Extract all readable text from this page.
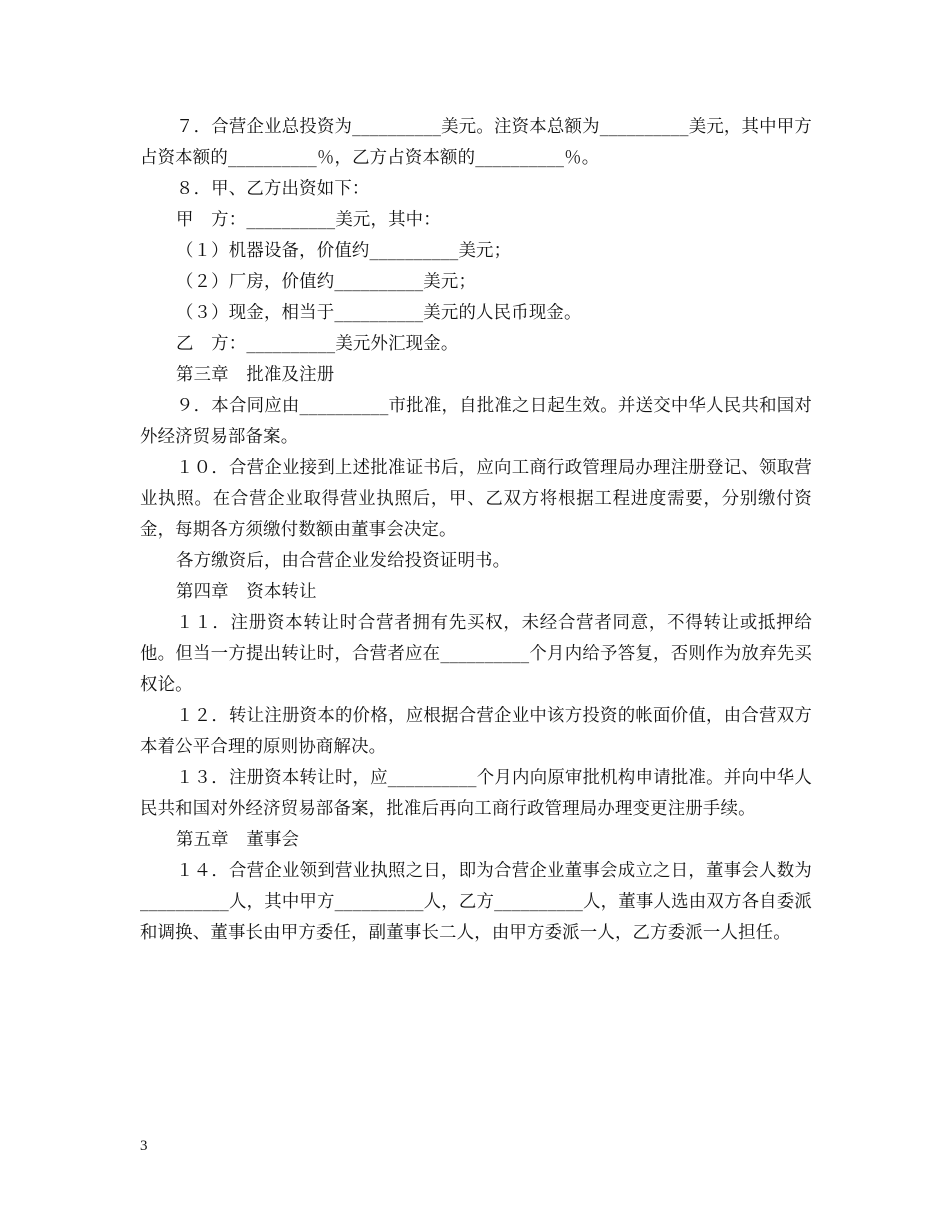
７．合营企业总投资为__________美元。注资本总额为__________美元，其中甲方占资本额的__________％，乙方占资本额的__________％。

８．甲、乙方出资如下：

甲　方：__________美元，其中：

（１）机器设备，价值约__________美元；

（２）厂房，价值约__________美元；

（３）现金，相当于__________美元的人民币现金。

乙　方：__________美元外汇现金。

第三章　批准及注册

９．本合同应由__________市批准，自批准之日起生效。并送交中华人民共和国对外经济贸易部备案。

１０．合营企业接到上述批准证书后，应向工商行政管理局办理注册登记、领取营业执照。在合营企业取得营业执照后，甲、乙双方将根据工程进度需要，分别缴付资金，每期各方须缴付数额由董事会决定。

各方缴资后，由合营企业发给投资证明书。

第四章　资本转让

１１．注册资本转让时合营者拥有先买权，未经合营者同意，不得转让或抵押给他。但当一方提出转让时，合营者应在__________个月内给予答复，否则作为放弃先买权论。

１２．转让注册资本的价格，应根据合营企业中该方投资的帐面价值，由合营双方本着公平合理的原则协商解决。

１３．注册资本转让时，应__________个月内向原审批机构申请批准。并向中华人民共和国对外经济贸易部备案，批准后再向工商行政管理局办理变更注册手续。

第五章　董事会

１４．合营企业领到营业执照之日，即为合营企业董事会成立之日，董事会人数为__________人，其中甲方__________人，乙方__________人，董事人选由双方各自委派和调换、董事长由甲方委任，副董事长二人，由甲方委派一人，乙方委派一人担任。

3
